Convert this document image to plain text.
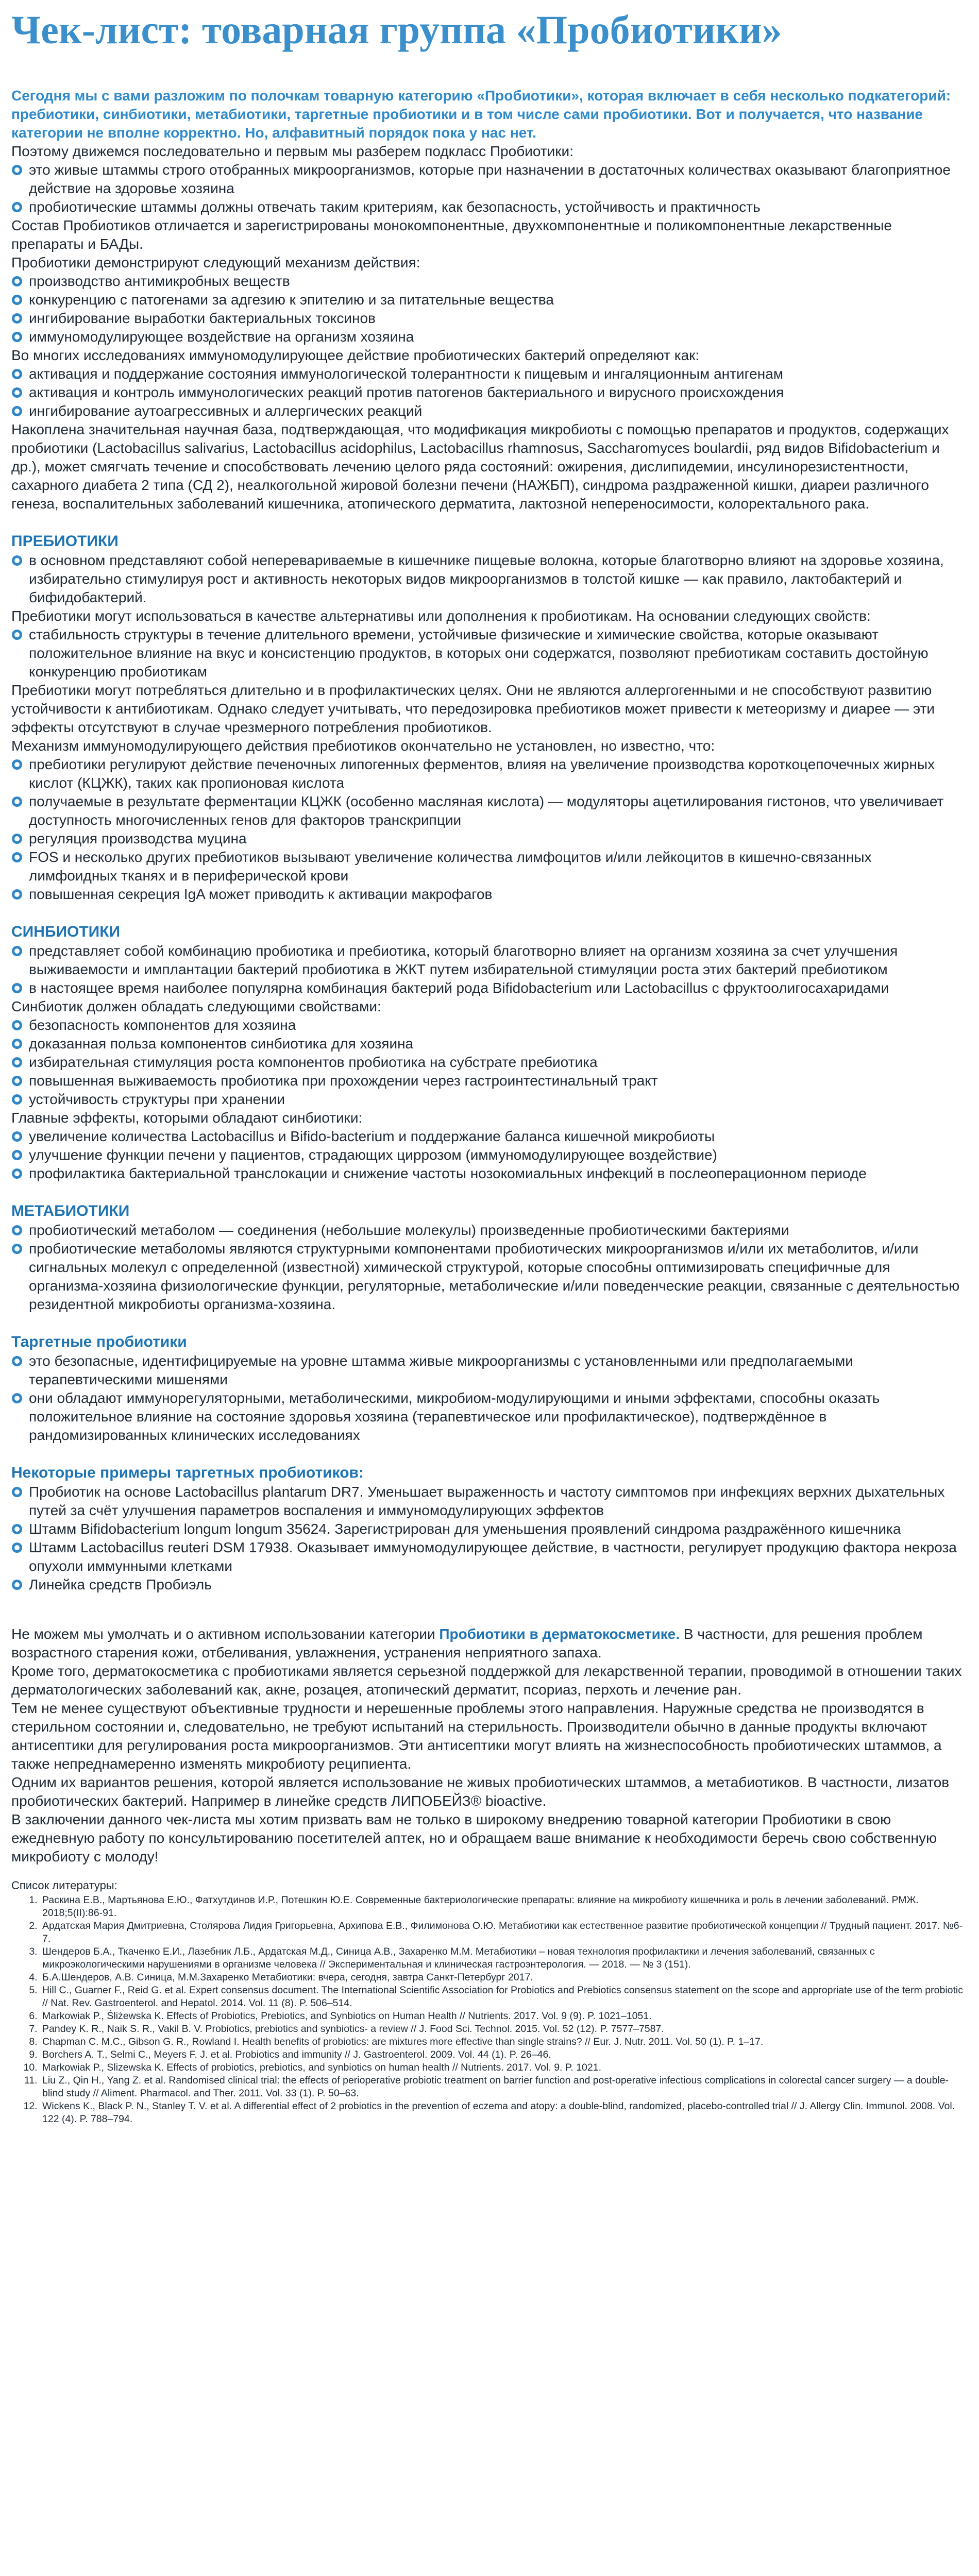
Чек-лист: товарная группа «Пробиотики»

Сегодня мы с вами разложим по полочкам товарную категорию «Пробиотики», которая включает в себя несколько подкатегорий: пребиотики, синбиотики, метабиотики, таргетные пробиотики и в том числе сами пробиотики. Вот и получается, что название категории не вполне корректно. Но, алфавитный порядок пока у нас нет.

Поэтому движемся последовательно и первым мы разберем подкласс Пробиотики:

это живые штаммы строго отобранных микроорганизмов, которые при назначении в достаточных количествах оказывают благоприятное действие на здоровье хозяина
пробиотические штаммы должны отвечать таким критериям, как безопасность, устойчивость и практичность

Состав Пробиотиков отличается и зарегистрированы монокомпонентные, двухкомпонентные и поликомпонентные лекарственные препараты и БАДы.

Пробиотики демонстрируют следующий механизм действия:

производство антимикробных веществ
конкуренцию с патогенами за адгезию к эпителию и за питательные вещества
ингибирование выработки бактериальных токсинов
иммуномодулирующее воздействие на организм хозяина

Во многих исследованиях иммуномодулирующее действие пробиотических бактерий определяют как:

активация и поддержание состояния иммунологической толерантности к пищевым и ингаляционным антигенам
активация и контроль иммунологических реакций против патогенов бактериального и вирусного происхождения
ингибирование аутоагрессивных и аллергических реакций

Накоплена значительная научная база, подтверждающая, что модификация микробиоты с помощью препаратов и продуктов, содержащих пробиотики (Lactobacillus salivarius, Lactobacillus acidophilus, Lactobacillus rhamnosus, Saccharomyces boulardii, ряд видов Bifidobacterium и др.), может смягчать течение и способствовать лечению целого ряда состояний: ожирения, дислипидемии, инсулинорезистентности, сахарного диабета 2 типа (СД 2), неалкогольной жировой болезни печени (НАЖБП), синдрома раздраженной кишки, диареи различного генеза, воспалительных заболеваний кишечника, атопического дерматита, лактозной непереносимости, колоректального рака.

ПРЕБИОТИКИ
в основном представляют собой неперевариваемые в кишечнике пищевые волокна, которые благотворно влияют на здоровье хозяина, избирательно стимулируя рост и активность некоторых видов микроорганизмов в толстой кишке — как правило, лактобактерий и бифидобактерий.

Пребиотики могут использоваться в качестве альтернативы или дополнения к пробиотикам. На основании следующих свойств:

стабильность структуры в течение длительного времени, устойчивые физические и химические свойства, которые оказывают положительное влияние на вкус и консистенцию продуктов, в которых они содержатся, позволяют пребиотикам составить достойную конкуренцию пробиотикам

Пребиотики могут потребляться длительно и в профилактических целях. Они не являются аллергогенными и не способствуют развитию устойчивости к антибиотикам. Однако следует учитывать, что передозировка пребиотиков может привести к метеоризму и диарее — эти эффекты отсутствуют в случае чрезмерного потребления пробиотиков.

Механизм иммуномодулирующего действия пребиотиков окончательно не установлен, но известно, что:

пребиотики регулируют действие печеночных липогенных ферментов, влияя на увеличение производства короткоцепочечных жирных кислот (КЦЖК), таких как пропионовая кислота
получаемые в результате ферментации КЦЖК (особенно масляная кислота) — модуляторы ацетилирования гистонов, что увеличивает доступность многочисленных генов для факторов транскрипции
регуляция производства муцина
FOS и несколько других пребиотиков вызывают увеличение количества лимфоцитов и/или лейкоцитов в кишечно-связанных лимфоидных тканях и в периферической крови
повышенная секреция IgA может приводить к активации макрофагов
СИНБИОТИКИ
представляет собой комбинацию пробиотика и пребиотика, который благотворно влияет на организм хозяина за счет улучшения выживаемости и имплантации бактерий пробиотика в ЖКТ путем избирательной стимуляции роста этих бактерий пребиотиком
в настоящее время наиболее популярна комбинация бактерий рода Bifidobacterium или Lactobacillus с фруктоолигосахаридами

Синбиотик должен обладать следующими свойствами:

безопасность компонентов для хозяина
доказанная польза компонентов синбиотика для хозяина
избирательная стимуляция роста компонентов пробиотика на субстрате пребиотика
повышенная выживаемость пробиотика при прохождении через гастроинтестинальный тракт
устойчивость структуры при хранении

Главные эффекты, которыми обладают синбиотики:

увеличение количества Lactobacillus и Bifido-bacterium и поддержание баланса кишечной микробиоты
улучшение функции печени у пациентов, страдающих циррозом (иммуномодулирующее воздействие)
профилактика бактериальной транслокации и снижение частоты нозокомиальных инфекций в послеоперационном периоде
МЕТАБИОТИКИ
пробиотический метаболом — соединения (небольшие молекулы) произведенные пробиотическими бактериями
пробиотические метаболомы являются структурными компонентами пробиотических микроорганизмов и/или их метаболитов, и/или сигнальных молекул с определенной (известной) химической структурой, которые способны оптимизировать специфичные для организма-хозяина физиологические функции, регуляторные, метаболические и/или поведенческие реакции, связанные с деятельностью резидентной микробиоты организма-хозяина.
Таргетные пробиотики
это безопасные, идентифицируемые на уровне штамма живые микроорганизмы с установленными или предполагаемыми терапевтическими мишенями
они обладают иммунорегуляторными, метаболическими, микробиом-модулирующими и иными эффектами, способны оказать положительное влияние на состояние здоровья хозяина (терапевтическое или профилактическое), подтверждённое в рандомизированных клинических исследованиях
Некоторые примеры таргетных пробиотиков:
Пробиотик на основе Lactobacillus plantarum DR7. Уменьшает выраженность и частоту симптомов при инфекциях верхних дыхательных путей за счёт улучшения параметров воспаления и иммуномодулирующих эффектов
Штамм Bifidobacterium longum longum 35624. Зарегистрирован для уменьшения проявлений синдрома раздражённого кишечника
Штамм Lactobacillus reuteri DSM 17938. Оказывает иммуномодулирующее действие, в частности, регулирует продукцию фактора некроза опухоли иммунными клетками
Линейка средств Пробиэль

Не можем мы умолчать и о активном использовании категории Пробиотики в дерматокосметике. В частности, для решения проблем возрастного старения кожи, отбеливания, увлажнения, устранения неприятного запаха.

Кроме того, дерматокосметика с пробиотиками является серьезной поддержкой для лекарственной терапии, проводимой в отношении таких дерматологических заболеваний как, акне, розацея, атопический дерматит, псориаз, перхоть и лечение ран.

Тем не менее существуют объективные трудности и нерешенные проблемы этого направления. Наружные средства не производятся в стерильном состоянии и, следовательно, не требуют испытаний на стерильность. Производители обычно в данные продукты включают антисептики для регулирования роста микроорганизмов. Эти антисептики могут влиять на жизнеспособность пробиотических штаммов, а также непреднамеренно изменять микробиоту реципиента.

Одним их вариантов решения, которой является использование не живых пробиотических штаммов, а метабиотиков. В частности, лизатов пробиотических бактерий. Например в линейке средств ЛИПОБЕЙЗ® bioactive.

В заключении данного чек-листа мы хотим призвать вам не только в широкому внедрению товарной категории Пробиотики в свою ежедневную работу по консультированию посетителей аптек, но и обращаем ваше внимание к необходимости беречь свою собственную микробиоту с молоду!

Список литературы:

1. Раскина Е.В., Мартьянова Е.Ю., Фатхутдинов И.Р., Потешкин Ю.Е. Современные бактериологические препараты: влияние на микробиоту кишечника и роль в лечении заболеваний. РМЖ. 2018;5(II):86-91.
2. Ардатская Мария Дмитриевна, Столярова Лидия Григорьевна, Архипова Е.В., Филимонова О.Ю. Метабиотики как естественное развитие пробиотической концепции // Трудный пациент. 2017. №6-7.
3. Шендеров Б.А., Ткаченко Е.И., Лазебник Л.Б., Ардатская М.Д., Синица А.В., Захаренко М.М. Метабиотики – новая технология профилактики и лечения заболеваний, связанных с микроэкологическими нарушениями в организме человека // Экспериментальная и клиническая гастроэнтерология. — 2018. — № 3 (151).
4. Б.А.Шендеров, А.В. Синица, М.М.Захаренко Метабиотики: вчера, сегодня, завтра Санкт-Петербург 2017.
5. Hill C., Guarner F., Reid G. et al. Expert consensus document. The International Scientific Association for Probiotics and Prebiotics consensus statement on the scope and appropriate use of the term probiotic // Nat. Rev. Gastroenterol. and Hepatol. 2014. Vol. 11 (8). P. 506–514.
6. Markowiak P., Śliżewska K. Effects of Probiotics, Prebiotics, and Synbiotics on Human Health // Nutrients. 2017. Vol. 9 (9). P. 1021–1051.
7. Pandey K. R., Naik S. R., Vakil B. V. Probiotics, prebiotics and synbiotics- a review // J. Food Sci. Technol. 2015. Vol. 52 (12). P. 7577–7587.
8. Chapman C. M.C., Gibson G. R., Rowland I. Health benefits of probiotics: are mixtures more effective than single strains? // Eur. J. Nutr. 2011. Vol. 50 (1). P. 1–17.
9. Borchers A. T., Selmi C., Meyers F. J. et al. Probiotics and immunity // J. Gastroenterol. 2009. Vol. 44 (1). P. 26–46.
10. Markowiak P., Slizewska K. Effects of probiotics, prebiotics, and synbiotics on human health // Nutrients. 2017. Vol. 9. P. 1021.
11. Liu Z., Qin H., Yang Z. et al. Randomised clinical trial: the effects of perioperative probiotic treatment on barrier function and post-operative infectious complications in colorectal cancer surgery — a double-blind study // Aliment. Pharmacol. and Ther. 2011. Vol. 33 (1). P. 50–63.
12. Wickens K., Black P. N., Stanley T. V. et al. A differential effect of 2 probiotics in the prevention of eczema and atopy: a double-blind, randomized, placebo-controlled trial // J. Allergy Clin. Immunol. 2008. Vol. 122 (4). P. 788–794.
